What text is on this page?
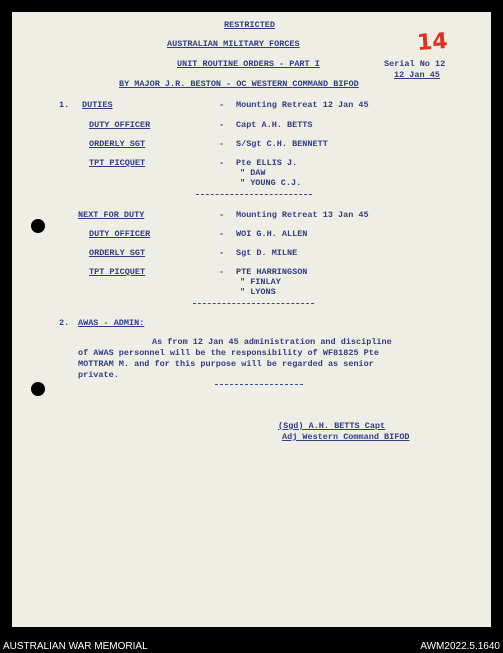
14
RESTRICTED
AUSTRALIAN MILITARY FORCES
UNIT ROUTINE ORDERS - PART I
BY MAJOR J.R. BESTON - OC WESTERN COMMAND BIFOD
Serial No 12
12 Jan 45
1. DUTIES	- Mounting Retreat 12 Jan 45
DUTY OFFICER	- Capt A.H. BETTS
ORDERLY SGT	- S/Sgt C.H. BENNETT
TPT PICQUET	- Pte ELLIS J.
" DAW
" YOUNG C.J.
NEXT FOR DUTY	- Mounting Retreat 13 Jan 45
DUTY OFFICER	- WOI G.H. ALLEN
ORDERLY SGT	- Sgt D. MILNE
TPT PICQUET	- PTE HARRINGSON
" FINLAY
" LYONS
2. AWAS - ADMIN:
As from 12 Jan 45 administration and discipline
of AWAS personnel will be the responsibility of WF81825 Pte
MOTTRAM M. and for this purpose will be regarded as senior
private.
(Sgd) A.H. BETTS Capt
Adj Western Command BIFOD
AUSTRALIAN WAR MEMORIAL	AWM2022.5.1640
